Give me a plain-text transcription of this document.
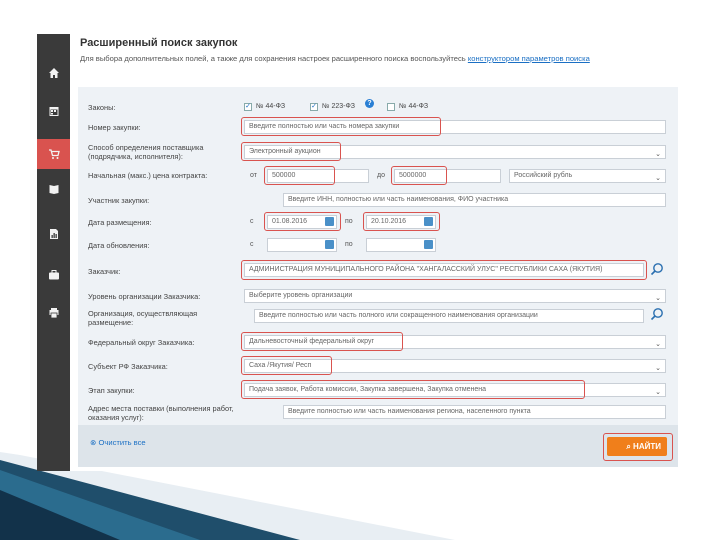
Расширенный поиск закупок
Для выбора дополнительных полей, а также для сохранения настроек расширенного поиска воспользуйтесь конструктором параметров поиска
Законы:	✓ № 44-ФЗ	✓ № 223-ФЗ	?	№ 44-ФЗ
Номер закупки:	Введите полностью или часть номера закупки
Способ определения поставщика (подрядчика, исполнителя):
Электронный аукцион	⌄
Начальная (макс.) цена контракта:	от	500000	до	5000000	Российский рубль	⌄
Участник закупки:	Введите ИНН, полностью или часть наименования, ФИО участника
Дата размещения:	с	01.08.2016	по	20.10.2016
Дата обновления:	с	по
Заказчик:	АДМИНИСТРАЦИЯ МУНИЦИПАЛЬНОГО РАЙОНА "ХАНГАЛАССКИЙ УЛУС" РЕСПУБЛИКИ САХА (ЯКУТИЯ)
Уровень организации Заказчика:	Выберите уровень организации	⌄
Организация, осуществляющая размещение:
Введите полностью или часть полного или сокращенного наименования организации
Федеральный округ Заказчика:	Дальневосточный федеральный округ	⌄
Субъект РФ Заказчика:	Саха /Якутия/ Респ	⌄
Этап закупки:	Подача заявок, Работа комиссии, Закупка завершена, Закупка отменена	⌄
Адрес места поставки (выполнения работ, оказания услуг):
Введите полностью или часть наименования региона, населенного пункта
⊗ Очистить все	⌕ НАЙТИ
